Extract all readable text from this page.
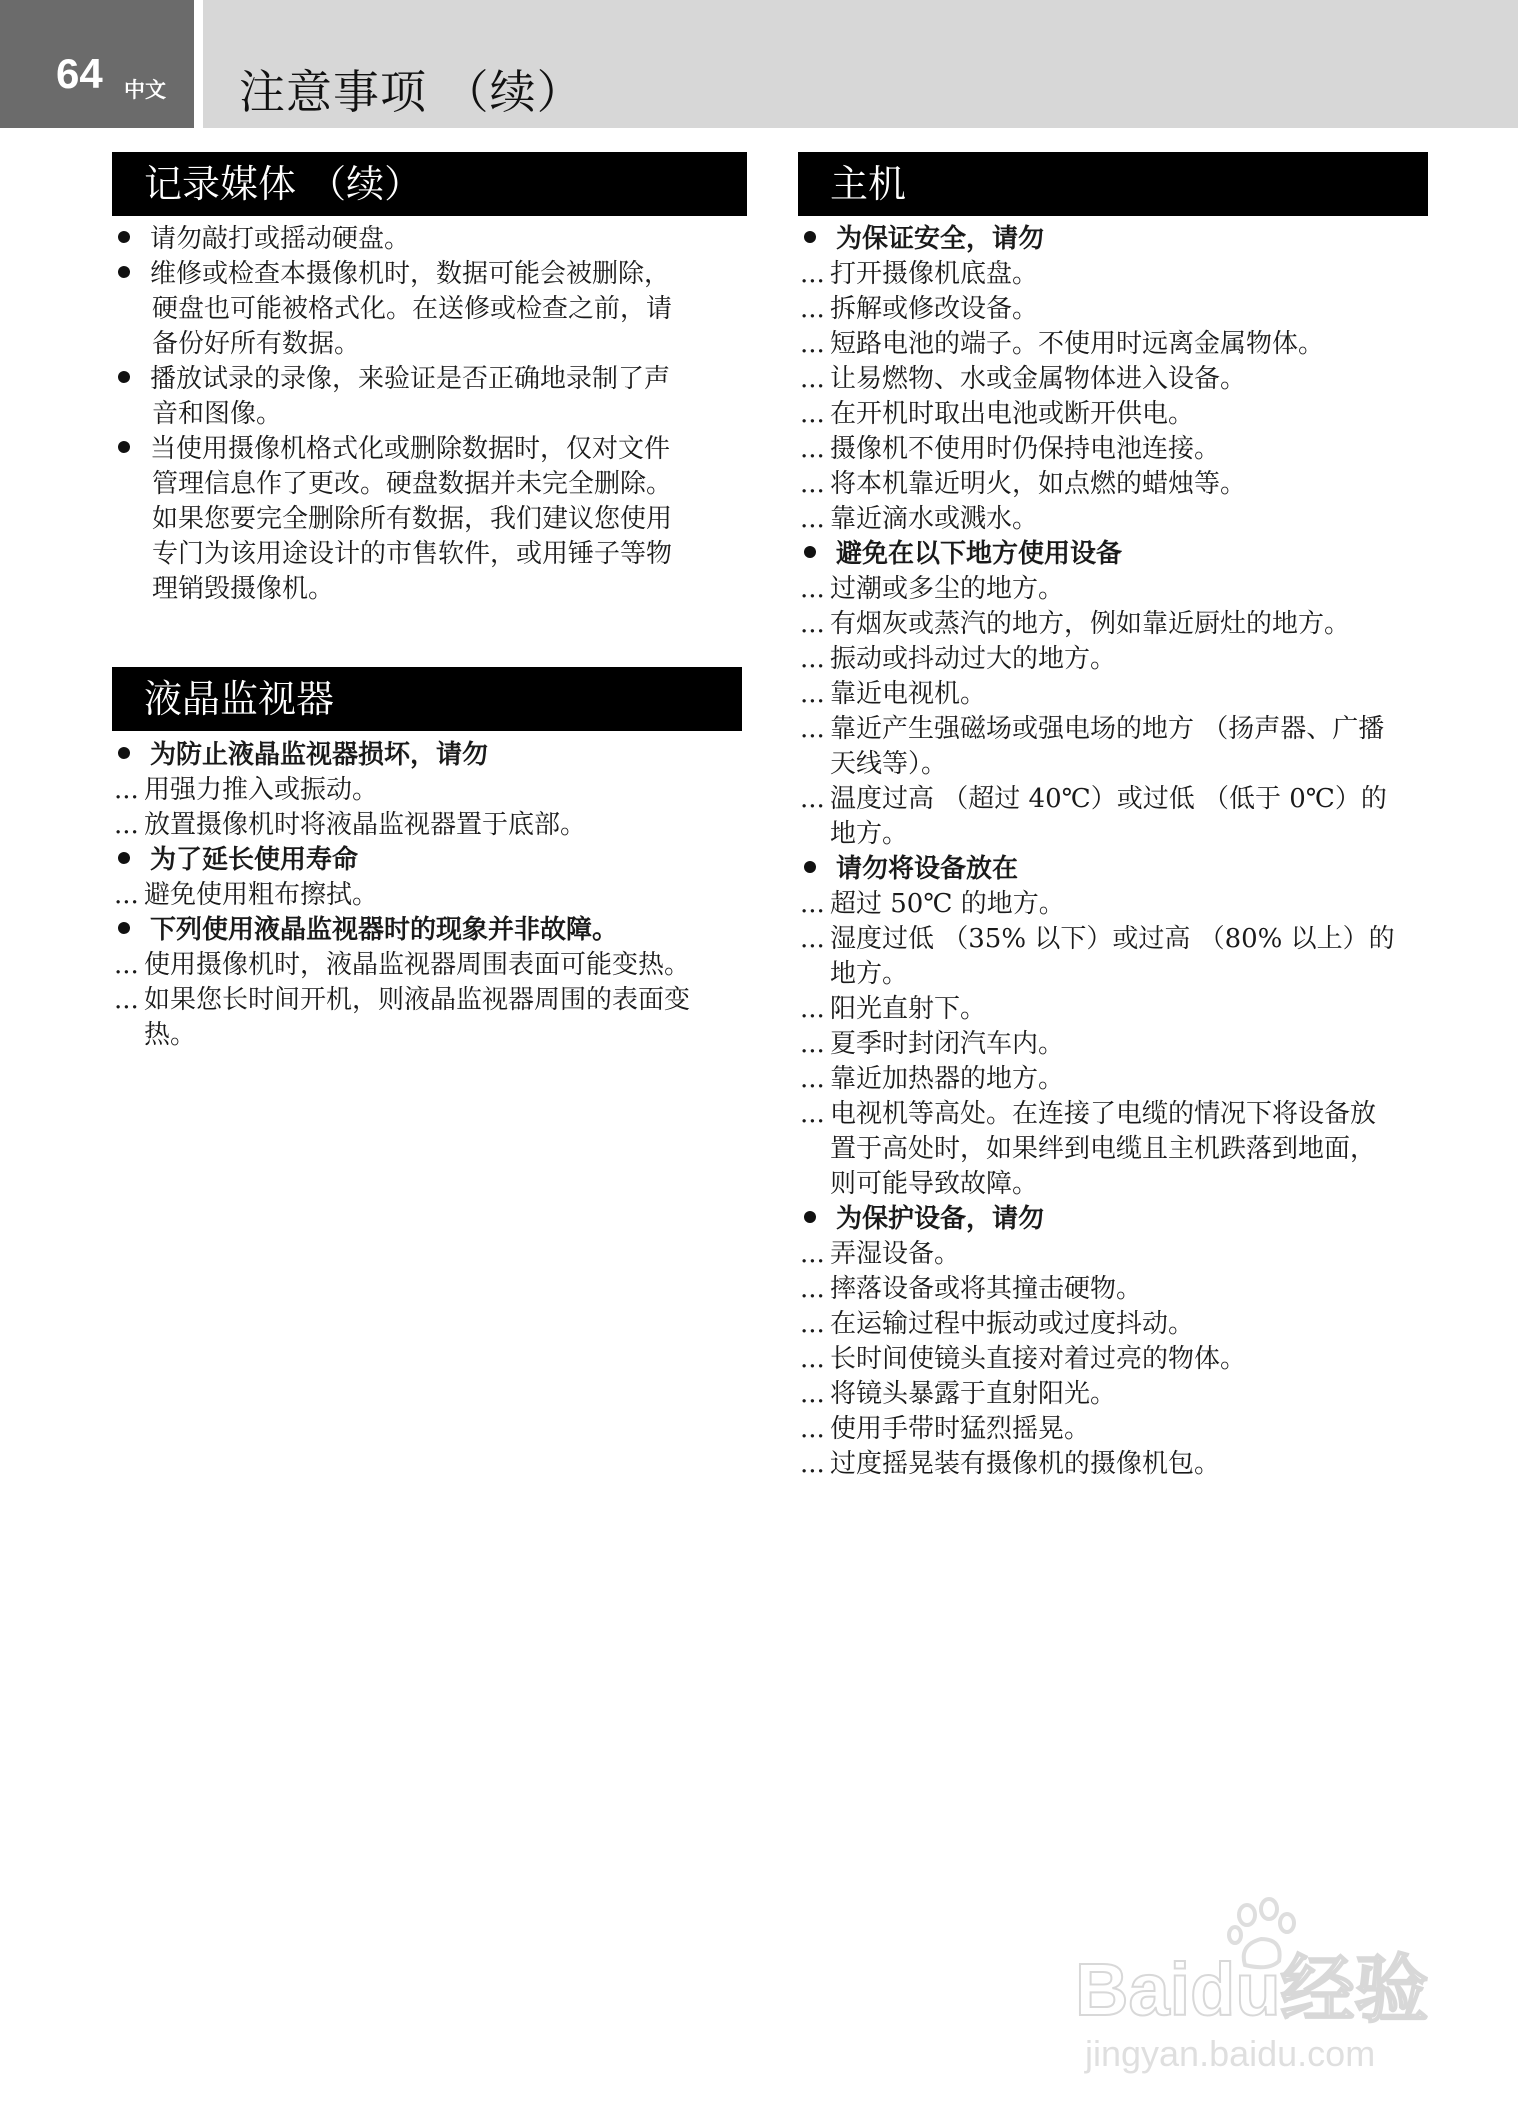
64 中文 注意事项 （续）
记录媒体 （续）
请勿敲打或摇动硬盘。
维修或检查本摄像机时，数据可能会被删除，
硬盘也可能被格式化。在送修或检查之前，请
备份好所有数据。
播放试录的录像，来验证是否正确地录制了声
音和图像。
当使用摄像机格式化或删除数据时，仅对文件
管理信息作了更改。硬盘数据并未完全删除。
如果您要完全删除所有数据，我们建议您使用
专门为该用途设计的市售软件，或用锤子等物
理销毁摄像机。
液晶监视器
为防止液晶监视器损坏，请勿
... 用强力推入或振动。
... 放置摄像机时将液晶监视器置于底部。
为了延长使用寿命
... 避免使用粗布擦拭。
下列使用液晶监视器时的现象并非故障。
... 使用摄像机时，液晶监视器周围表面可能变热。
... 如果您长时间开机，则液晶监视器周围的表面变
热。
主机
为保证安全，请勿
... 打开摄像机底盘。
... 拆解或修改设备。
... 短路电池的端子。不使用时远离金属物体。
... 让易燃物、水或金属物体进入设备。
... 在开机时取出电池或断开供电。
... 摄像机不使用时仍保持电池连接。
... 将本机靠近明火，如点燃的蜡烛等。
... 靠近滴水或溅水。
避免在以下地方使用设备
... 过潮或多尘的地方。
... 有烟灰或蒸汽的地方，例如靠近厨灶的地方。
... 振动或抖动过大的地方。
... 靠近电视机。
... 靠近产生强磁场或强电场的地方 （扬声器、广播
天线等）。
... 温度过高 （超过 40℃）或过低 （低于 0℃）的
地方。
请勿将设备放在
... 超过 50℃ 的地方。
... 湿度过低 （35% 以下）或过高 （80% 以上）的
地方。
... 阳光直射下。
... 夏季时封闭汽车内。
... 靠近加热器的地方。
... 电视机等高处。在连接了电缆的情况下将设备放
置于高处时，如果绊到电缆且主机跌落到地面，
则可能导致故障。
为保护设备，请勿
... 弄湿设备。
... 摔落设备或将其撞击硬物。
... 在运输过程中振动或过度抖动。
... 长时间使镜头直接对着过亮的物体。
... 将镜头暴露于直射阳光。
... 使用手带时猛烈摇晃。
... 过度摇晃装有摄像机的摄像机包。
Baidu经验
jingyan.baidu.com
